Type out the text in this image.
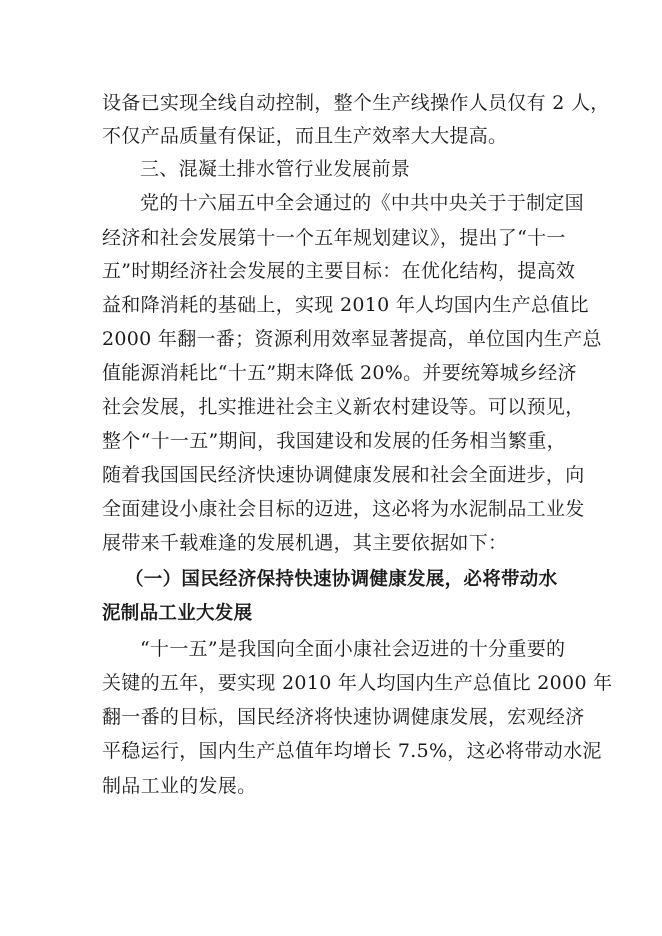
设备已实现全线自动控制，整个生产线操作人员仅有 2 人，
不仅产品质量有保证，而且生产效率大大提高。
三、混凝土排水管行业发展前景
党的十六届五中全会通过的《中共中央关于于制定国
经济和社会发展第十一个五年规划建议》，提出了“十一
五”时期经济社会发展的主要目标：在优化结构，提高效
益和降消耗的基础上，实现 2010 年人均国内生产总值比
2000 年翻一番；资源利用效率显著提高，单位国内生产总
值能源消耗比“十五”期末降低 20%。并要统筹城乡经济
社会发展，扎实推进社会主义新农村建设等。可以预见，
整个“十一五”期间，我国建设和发展的任务相当繁重，
随着我国国民经济快速协调健康发展和社会全面进步，向
全面建设小康社会目标的迈进，这必将为水泥制品工业发
展带来千载难逢的发展机遇，其主要依据如下：
（一）国民经济保持快速协调健康发展，必将带动水
泥制品工业大发展
“十一五”是我国向全面小康社会迈进的十分重要的
关键的五年，要实现 2010 年人均国内生产总值比 2000 年
翻一番的目标，国民经济将快速协调健康发展，宏观经济
平稳运行，国内生产总值年均增长 7.5%，这必将带动水泥
制品工业的发展。
